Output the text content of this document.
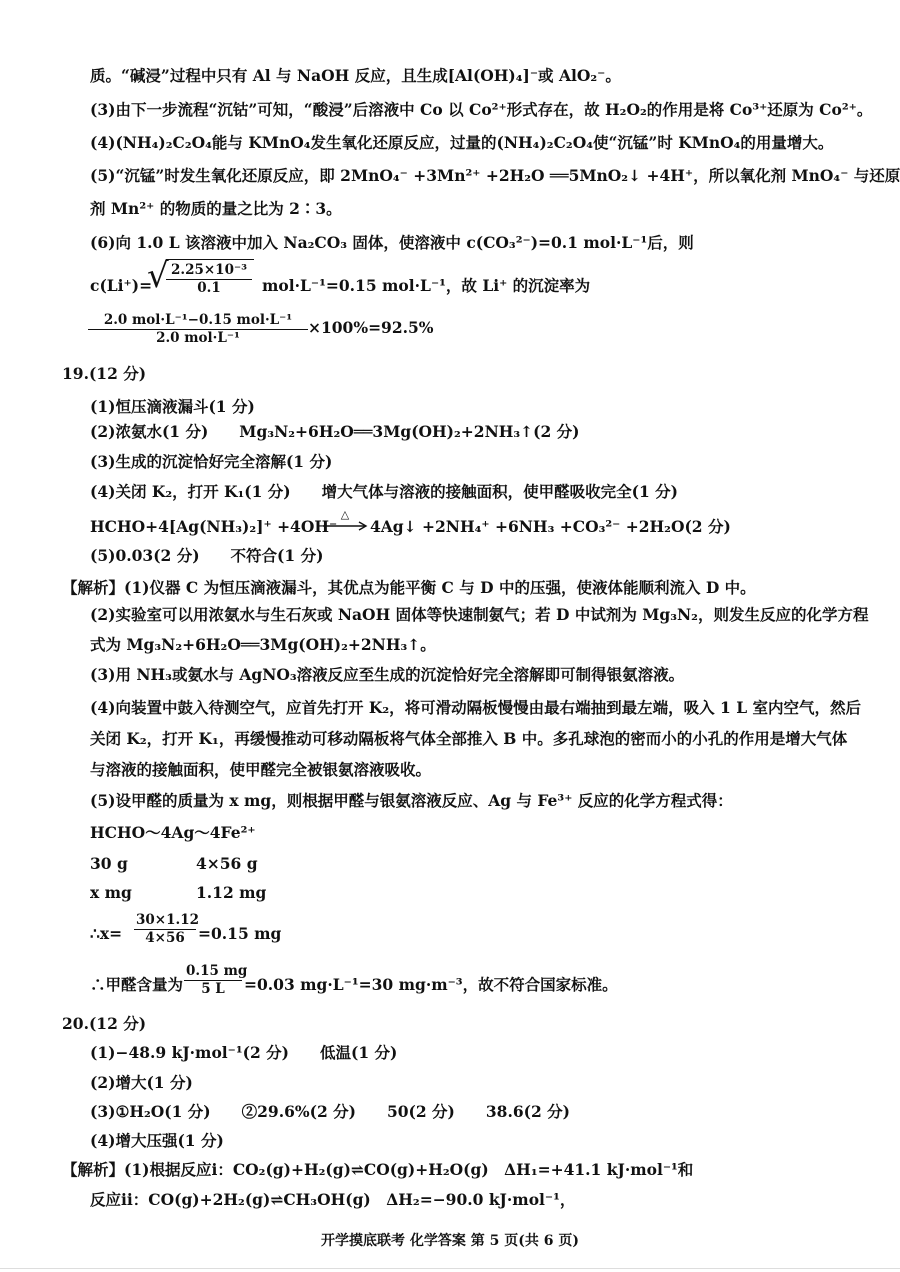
质。“碱浸”过程中只有 Al 与 NaOH 反应，且生成[Al(OH)₄]⁻或 AlO₂⁻。
(3)由下一步流程“沉钴”可知，“酸浸”后溶液中 Co 以 Co²⁺形式存在，故 H₂O₂的作用是将 Co³⁺还原为 Co²⁺。
(4)(NH₄)₂C₂O₄能与 KMnO₄发生氧化还原反应，过量的(NH₄)₂C₂O₄使“沉锰”时 KMnO₄的用量增大。
(5)“沉锰”时发生氧化还原反应，即 2MnO₄⁻ +3Mn²⁺ +2H₂O ══5MnO₂↓ +4H⁺，所以氧化剂 MnO₄⁻ 与还原
剂 Mn²⁺ 的物质的量之比为 2∶3。
(6)向 1.0 L 该溶液中加入 Na₂CO₃ 固体，使溶液中 c(CO₃²⁻)=0.1 mol·L⁻¹后，则
c(Li⁺)=
√
$\frac{\text{2.25×10⁻³}}{0.1} mol\cdot L^{-1}=0.15$ mol·L⁻¹，故 Li⁺ 的沉淀率为
2.0 mol·L⁻¹−0.15 mol·L⁻¹
2.0 mol·L⁻¹
×100%=92.5%
19.(12 分)
(1)恒压滴液漏斗(1 分)
(2)浓氨水(1 分)　　Mg₃N₂+6H₂O══3Mg(OH)₂+2NH₃↑(2 分)
(3)生成的沉淀恰好完全溶解(1 分)
(4)关闭 K₂，打开 K₁(1 分)　　增大气体与溶液的接触面积，使甲醛吸收完全(1 分)
HCHO+4[Ag(NH₃)₂]⁺ +4OH⁻
△
4Ag↓ +2NH₄⁺ +6NH₃ +CO₃²⁻ +2H₂O(2 分)
(5)0.03(2 分)　　不符合(1 分)
【解析】(1)仪器 C 为恒压滴液漏斗，其优点为能平衡 C 与 D 中的压强，使液体能顺利流入 D 中。
(2)实验室可以用浓氨水与生石灰或 NaOH 固体等快速制氨气；若 D 中试剂为 Mg₃N₂，则发生反应的化学方程
式为 Mg₃N₂+6H₂O══3Mg(OH)₂+2NH₃↑。
(3)用 NH₃或氨水与 AgNO₃溶液反应至生成的沉淀恰好完全溶解即可制得银氨溶液。
(4)向装置中鼓入待测空气，应首先打开 K₂，将可滑动隔板慢慢由最右端抽到最左端，吸入 1 L 室内空气，然后
关闭 K₂，打开 K₁，再缓慢推动可移动隔板将气体全部推入 B 中。多孔球泡的密而小的小孔的作用是增大气体
与溶液的接触面积，使甲醛完全被银氨溶液吸收。
(5)设甲醛的质量为 x mg，则根据甲醛与银氨溶液反应、Ag 与 Fe³⁺ 反应的化学方程式得：
HCHO～4Ag～4Fe²⁺
30 g	4×56 g
x mg	1.12 mg
∴x= $\frac{30\times 1.12}{4\times 56} =0.15$ mg
∴甲醛含量为 $\frac{0.15 mg}{5 L} =0.03$ mg·L⁻¹=30 mg·m⁻³，故不符合国家标准。
20.(12 分)
(1)−48.9 kJ·mol⁻¹(2 分)　　低温(1 分)
(2)增大(1 分)
(3)①H₂O(1 分)　　②29.6%(2 分)　　50(2 分)　　38.6(2 分)
(4)增大压强(1 分)
【解析】(1)根据反应ⅰ：CO₂(g)+H₂(g)⇌CO(g)+H₂O(g)　ΔH₁=+41.1 kJ·mol⁻¹和
反应ⅱ：CO(g)+2H₂(g)⇌CH₃OH(g)　ΔH₂=−90.0 kJ·mol⁻¹，
开学摸底联考 化学答案 第 5 页(共 6 页)
